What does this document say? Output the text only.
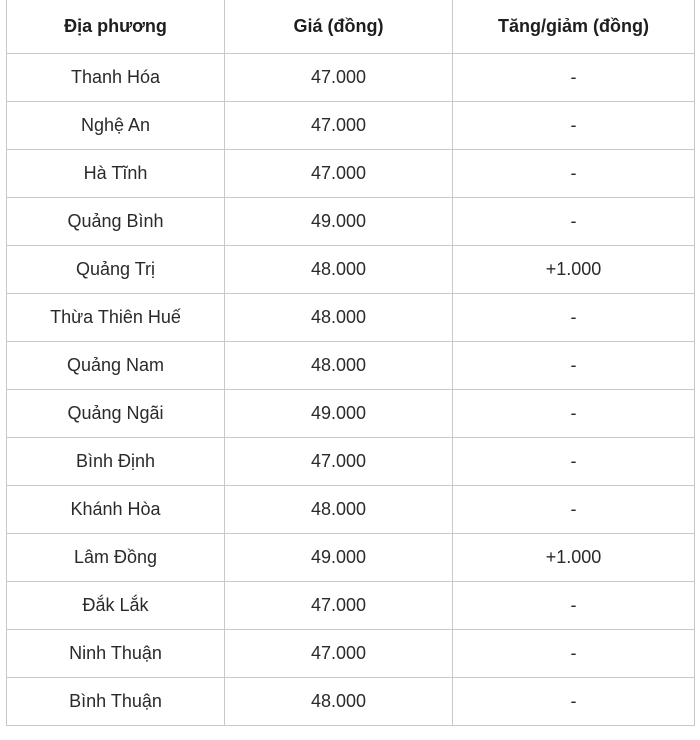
Địa phương	Giá (đồng)	Tăng/giảm (đồng)
Thanh Hóa	47.000	-
Nghệ An	47.000	-
Hà Tĩnh	47.000	-
Quảng Bình	49.000	-
Quảng Trị	48.000	+1.000
Thừa Thiên Huế	48.000	-
Quảng Nam	48.000	-
Quảng Ngãi	49.000	-
Bình Định	47.000	-
Khánh Hòa	48.000	-
Lâm Đồng	49.000	+1.000
Đắk Lắk	47.000	-
Ninh Thuận	47.000	-
Bình Thuận	48.000	-
